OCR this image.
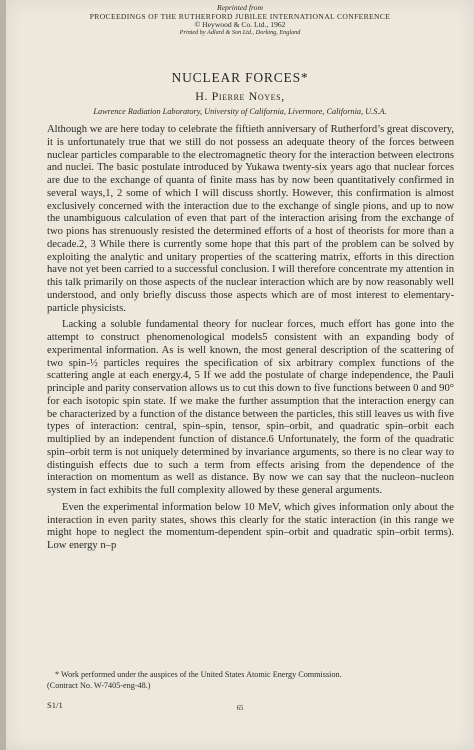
Reprinted from
PROCEEDINGS OF THE RUTHERFORD JUBILEE INTERNATIONAL CONFERENCE
© Heywood & Co. Ltd., 1962
Printed by Adlard & Son Ltd., Dorking, England
NUCLEAR FORCES*
H. Pierre Noyes,
Lawrence Radiation Laboratory, University of California, Livermore, California, U.S.A.

Although we are here today to celebrate the fiftieth anniversary of Rutherford’s great discovery, it is unfortunately true that we still do not possess an adequate theory of the forces between nuclear particles comparable to the electromagnetic theory for the interaction between electrons and nuclei. The basic postulate introduced by Yukawa twenty-six years ago that nuclear forces are due to the exchange of quanta of finite mass has by now been quantitatively confirmed in several ways,1, 2 some of which I will discuss shortly. However, this confirmation is almost exclusively concerned with the interaction due to the exchange of single pions, and up to now the unambiguous calculation of even that part of the interaction arising from the exchange of two pions has strenuously resisted the determined efforts of a host of theorists for more than a decade.2, 3 While there is currently some hope that this part of the problem can be solved by exploiting the analytic and unitary properties of the scattering matrix, efforts in this direction have not yet been carried to a successful conclusion. I will therefore concentrate my attention in this talk primarily on those aspects of the nuclear interaction which are by now reasonably well understood, and only briefly discuss those aspects which are of most interest to elementary-particle physicists.

Lacking a soluble fundamental theory for nuclear forces, much effort has gone into the attempt to construct phenomenological models5 consistent with an expanding body of experimental information. As is well known, the most general description of the scattering of two spin-½ particles requires the specification of six arbitrary complex functions of the scattering angle at each energy.4, 5 If we add the postulate of charge independence, the Pauli principle and parity conservation allows us to cut this down to five functions between 0 and 90° for each isotopic spin state. If we make the further assumption that the interaction energy can be characterized by a function of the distance between the particles, this still leaves us with five types of interaction: central, spin–spin, tensor, spin–orbit, and quadratic spin–orbit each multiplied by an independent function of distance.6 Unfortunately, the form of the quadratic spin–orbit term is not uniquely determined by invariance arguments, so there is no clear way to distinguish effects due to such a term from effects arising from the dependence of the interaction on momentum as well as distance. By now we can say that the nucleon–nucleon system in fact exhibits the full complexity allowed by these general arguments.

Even the experimental information below 10 MeV, which gives information only about the interaction in even parity states, shows this clearly for the static interaction (in this range we might hope to neglect the momentum-dependent spin–orbit and quadratic spin–orbit terms). Low energy n–p

* Work performed under the auspices of the United States Atomic Energy Commission.
(Contract No. W-7405-eng-48.)
S1/1	65
